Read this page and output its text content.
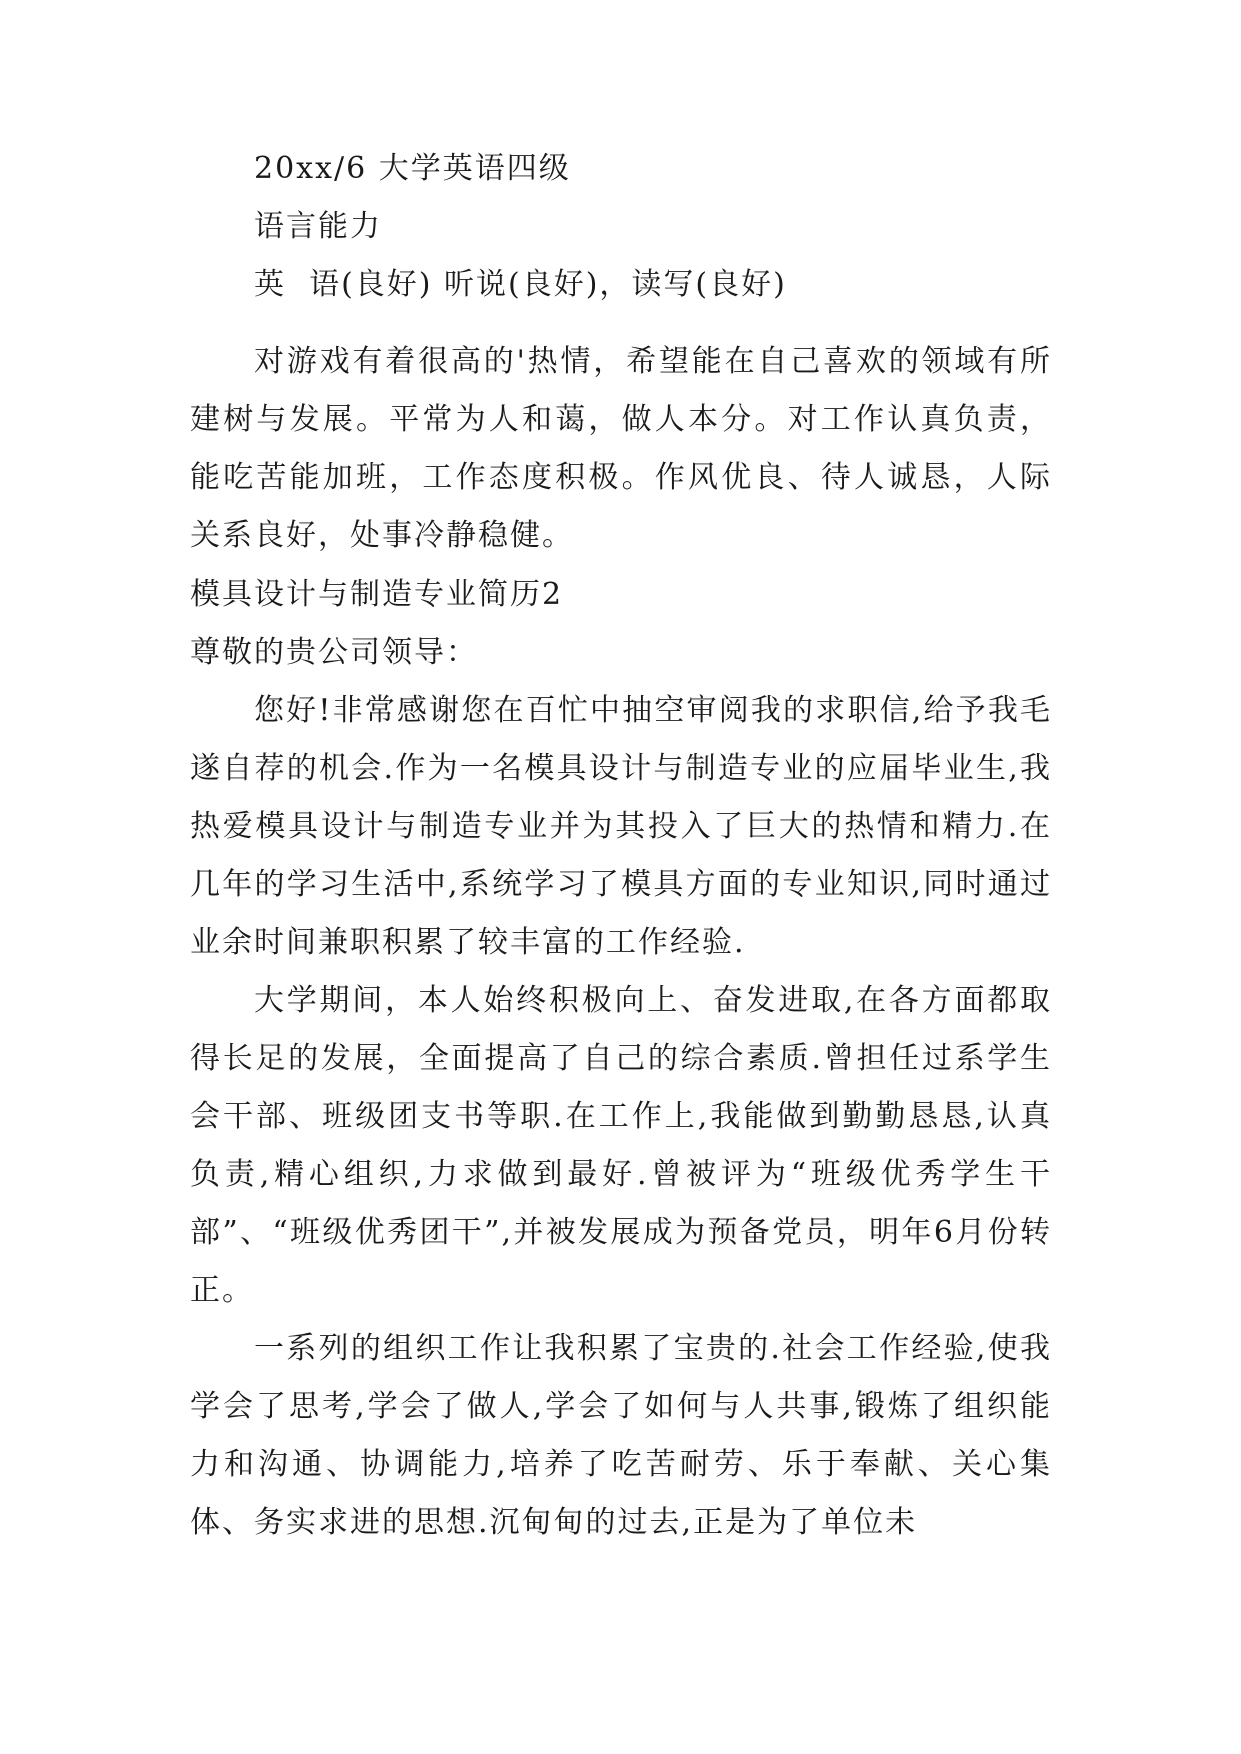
20xx/6 大学英语四级
语言能力
英  语(良好) 听说(良好)，读写(良好)
对游戏有着很高的'热情，希望能在自己喜欢的领域有所建树与发展。平常为人和蔼，做人本分。对工作认真负责，能吃苦能加班，工作态度积极。作风优良、待人诚恳，人际关系良好，处事冷静稳健。
模具设计与制造专业简历2
尊敬的贵公司领导：
您好!非常感谢您在百忙中抽空审阅我的求职信,给予我毛遂自荐的机会.作为一名模具设计与制造专业的应届毕业生,我热爱模具设计与制造专业并为其投入了巨大的热情和精力.在几年的学习生活中,系统学习了模具方面的专业知识,同时通过业余时间兼职积累了较丰富的工作经验.
大学期间，本人始终积极向上、奋发进取,在各方面都取得长足的发展，全面提高了自己的综合素质.曾担任过系学生会干部、班级团支书等职.在工作上,我能做到勤勤恳恳,认真负责,精心组织,力求做到最好.曾被评为“班级优秀学生干部”、“班级优秀团干”,并被发展成为预备党员，明年6月份转正。
一系列的组织工作让我积累了宝贵的.社会工作经验,使我学会了思考,学会了做人,学会了如何与人共事,锻炼了组织能力和沟通、协调能力,培养了吃苦耐劳、乐于奉献、关心集体、务实求进的思想.沉甸甸的过去,正是为了单位未
